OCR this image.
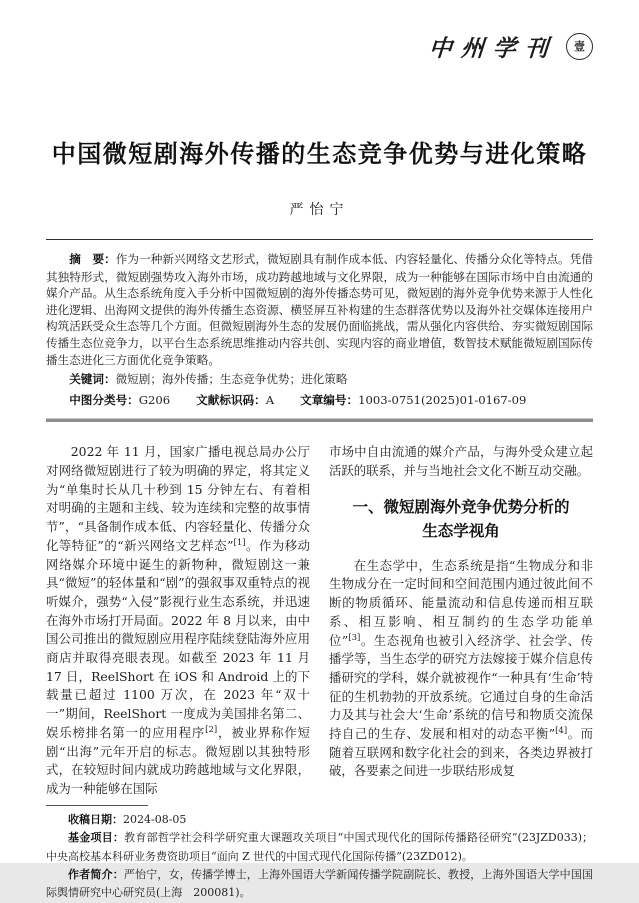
中州学刊 壹
中国微短剧海外传播的生态竞争优势与进化策略
严怡宁

摘　要：作为一种新兴网络文艺形式，微短剧具有制作成本低、内容轻量化、传播分众化等特点。凭借其独特形式，微短剧强势攻入海外市场，成功跨越地域与文化界限，成为一种能够在国际市场中自由流通的媒介产品。从生态系统角度入手分析中国微短剧的海外传播态势可见，微短剧的海外竞争优势来源于人性化进化逻辑、出海网文提供的海外传播生态资源、横竖屏互补构建的生态群落优势以及海外社交媒体连接用户构筑活跃受众生态等几个方面。但微短剧海外生态的发展仍面临挑战，需从强化内容供给、夯实微短剧国际传播生态位竞争力，以平台生态系统思维推动内容共创、实现内容的商业增值，数智技术赋能微短剧国际传播生态进化三方面优化竞争策略。

关键词：微短剧；海外传播；生态竞争优势；进化策略

中图分类号：G206 文献标识码：A 文章编号：1003-0751(2025)01-0167-09

2022 年 11 月，国家广播电视总局办公厅对网络微短剧进行了较为明确的界定，将其定义为“单集时长从几十秒到 15 分钟左右、有着相对明确的主题和主线、较为连续和完整的故事情节”，“具备制作成本低、内容轻量化、传播分众化等特征”的“新兴网络文艺样态”[1]。作为移动网络媒介环境中诞生的新物种，微短剧这一兼具“微短”的轻体量和“剧”的强叙事双重特点的视听媒介，强势“入侵”影视行业生态系统，并迅速在海外市场打开局面。2022 年 8 月以来，由中国公司推出的微短剧应用程序陆续登陆海外应用商店并取得亮眼表现。如截至 2023 年 11 月 17 日，ReelShort 在 iOS 和 Android 上的下载量已超过 1100 万次，在 2023 年“双十一”期间，ReelShort 一度成为美国排名第二、娱乐榜排名第一的应用程序[2]，被业界称作短剧“出海”元年开启的标志。微短剧以其独特形式，在较短时间内就成功跨越地域与文化界限，成为一种能够在国际

市场中自由流通的媒介产品，与海外受众建立起活跃的联系，并与当地社会文化不断互动交融。

一、微短剧海外竞争优势分析的
生态学视角

在生态学中，生态系统是指“生物成分和非生物成分在一定时间和空间范围内通过彼此间不断的物质循环、能量流动和信息传递而相互联系、相互影响、相互制约的生态学功能单位”[3]。生态视角也被引入经济学、社会学、传播学等，当生态学的研究方法嫁接于媒介信息传播研究的学科，媒介就被视作“一种具有‘生命’特征的生机勃勃的开放系统。它通过自身的生命活力及其与社会大‘生命’系统的信号和物质交流保持自己的生存、发展和相对的动态平衡”[4]。而随着互联网和数字化社会的到来，各类边界被打破，各要素之间进一步联结形成复

收稿日期：2024-08-05

基金项目：教育部哲学社会科学研究重大课题攻关项目“中国式现代化的国际传播路径研究”(23JZD033)；中央高校基本科研业务费资助项目“面向 Z 世代的中国式现代化国际传播”(23ZD012)。

作者简介：严怡宁，女，传播学博士，上海外国语大学新闻传播学院副院长、教授，上海外国语大学中国国际舆情研究中心研究员(上海　200081)。
